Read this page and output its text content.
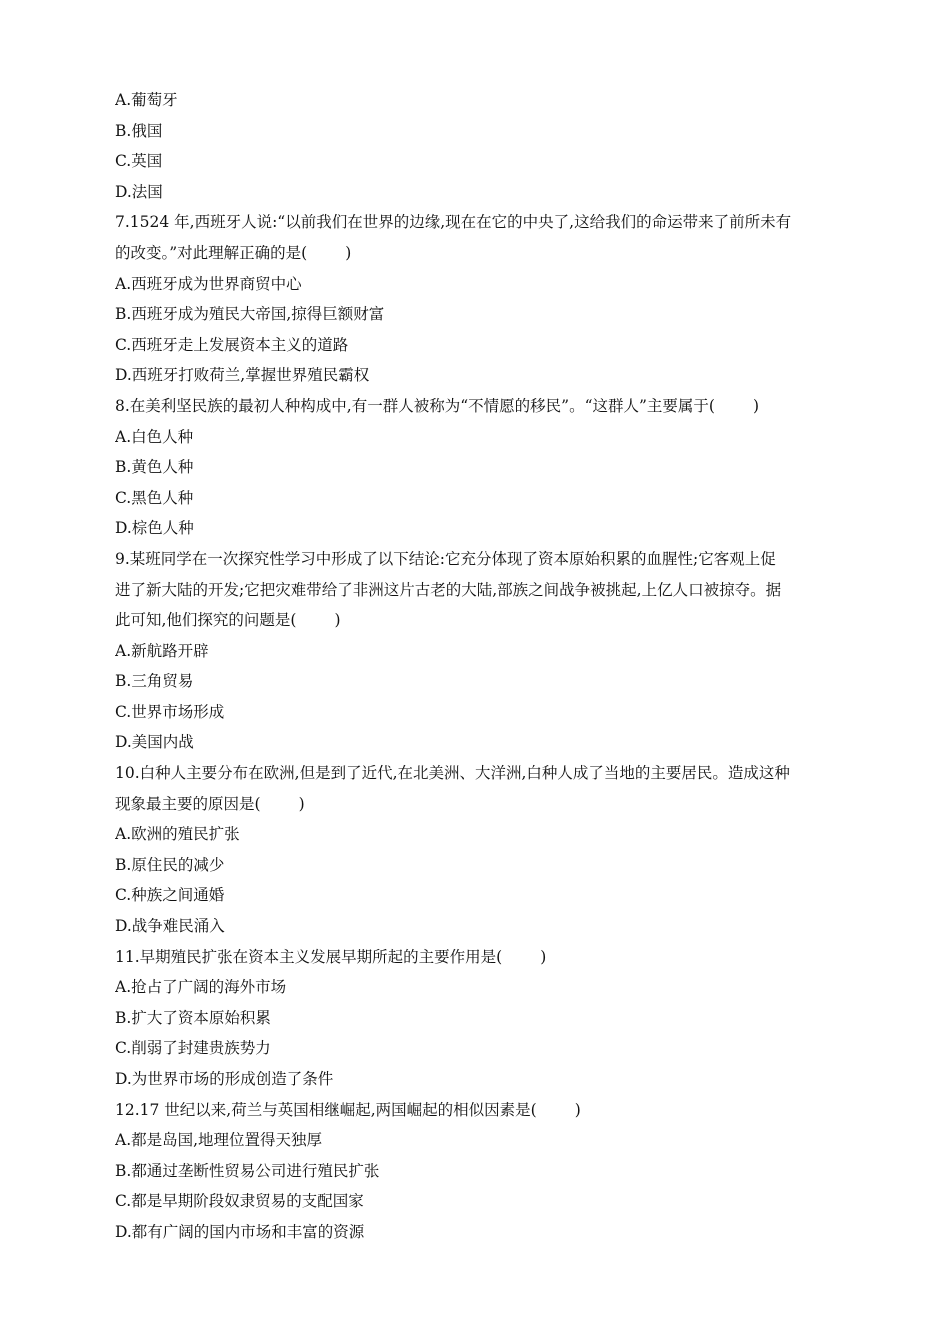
A.葡萄牙
B.俄国
C.英国
D.法国
7.1524 年,西班牙人说:“以前我们在世界的边缘,现在在它的中央了,这给我们的命运带来了前所未有
的改变。”对此理解正确的是( )
A.西班牙成为世界商贸中心
B.西班牙成为殖民大帝国,掠得巨额财富
C.西班牙走上发展资本主义的道路
D.西班牙打败荷兰,掌握世界殖民霸权
8.在美利坚民族的最初人种构成中,有一群人被称为“不情愿的移民”。“这群人”主要属于( )
A.白色人种
B.黄色人种
C.黑色人种
D.棕色人种
9.某班同学在一次探究性学习中形成了以下结论:它充分体现了资本原始积累的血腥性;它客观上促
进了新大陆的开发;它把灾难带给了非洲这片古老的大陆,部族之间战争被挑起,上亿人口被掠夺。据
此可知,他们探究的问题是( )
A.新航路开辟
B.三角贸易
C.世界市场形成
D.美国内战
10.白种人主要分布在欧洲,但是到了近代,在北美洲、大洋洲,白种人成了当地的主要居民。造成这种
现象最主要的原因是( )
A.欧洲的殖民扩张
B.原住民的减少
C.种族之间通婚
D.战争难民涌入
11.早期殖民扩张在资本主义发展早期所起的主要作用是( )
A.抢占了广阔的海外市场
B.扩大了资本原始积累
C.削弱了封建贵族势力
D.为世界市场的形成创造了条件
12.17 世纪以来,荷兰与英国相继崛起,两国崛起的相似因素是( )
A.都是岛国,地理位置得天独厚
B.都通过垄断性贸易公司进行殖民扩张
C.都是早期阶段奴隶贸易的支配国家
D.都有广阔的国内市场和丰富的资源
